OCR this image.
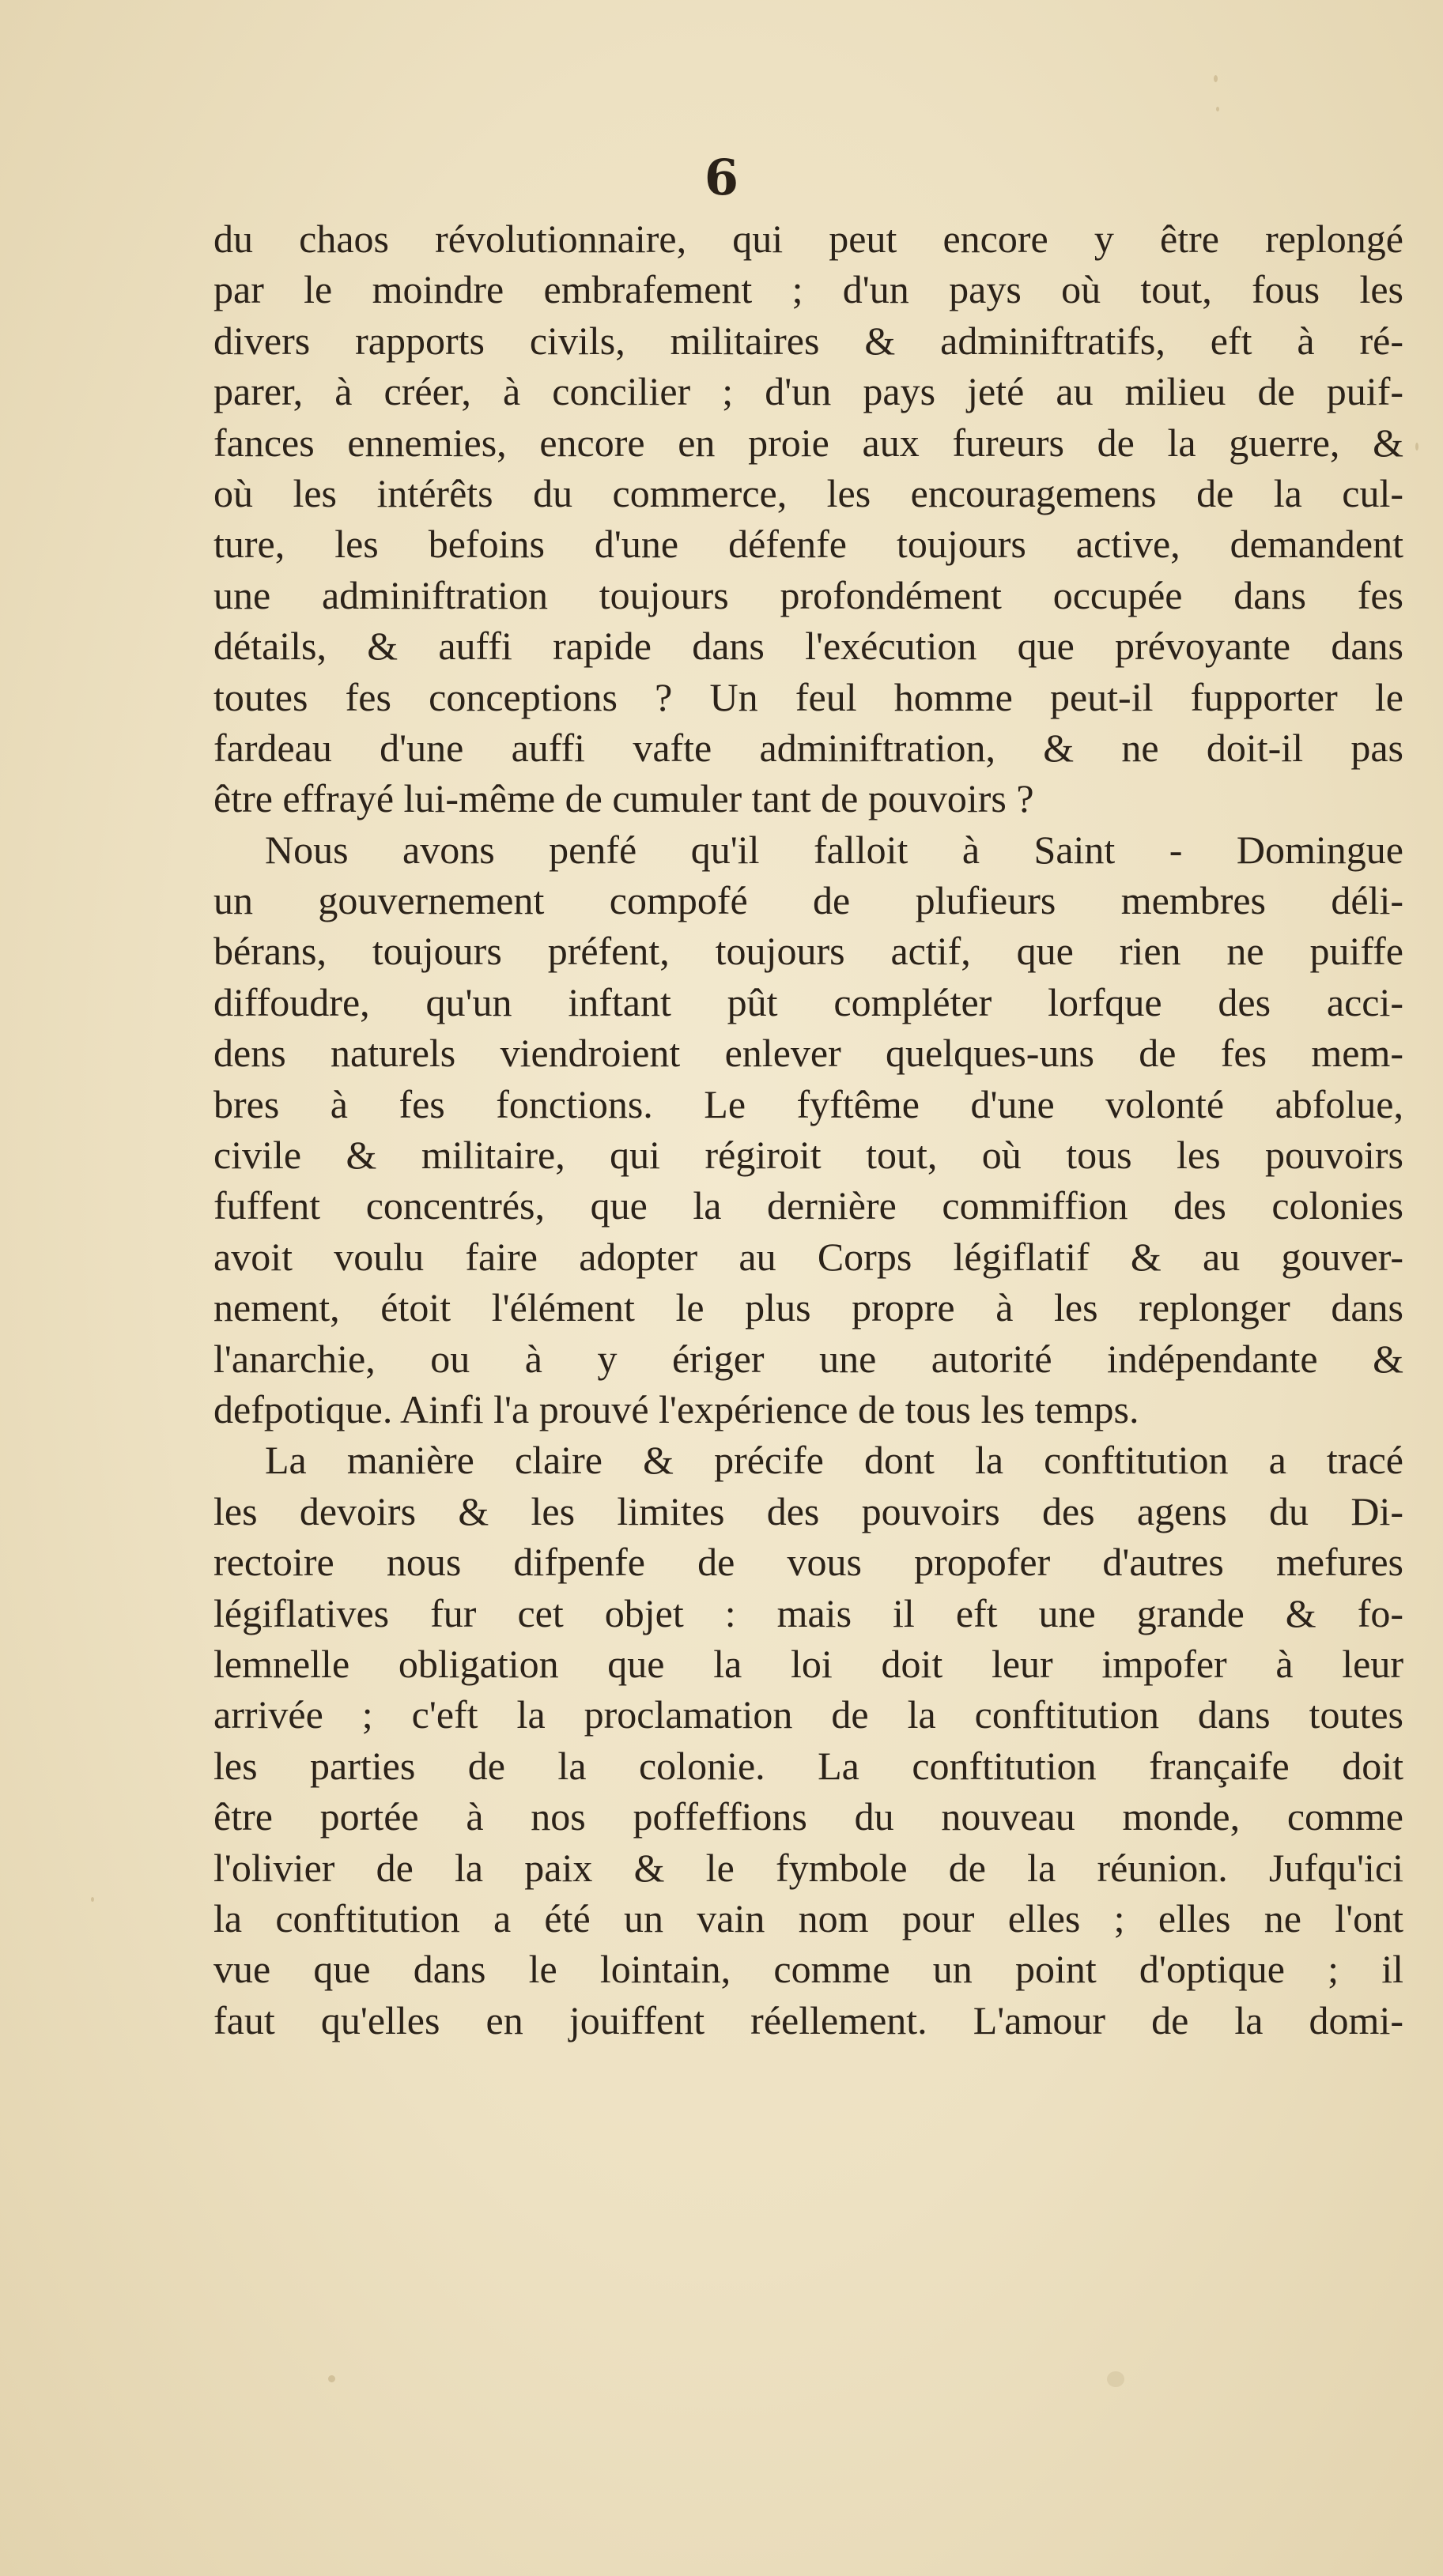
6
du chaos révolutionnaire, qui peut encore y être replongé
par le moindre embrafement ; d'un pays où tout, fous les
divers rapports civils, militaires & adminiftratifs, eft à ré-
parer, à créer, à concilier ; d'un pays jeté au milieu de puif-
fances ennemies, encore en proie aux fureurs de la guerre, &
où les intérêts du commerce, les encouragemens de la cul-
ture, les befoins d'une défenfe toujours active, demandent
une adminiftration toujours profondément occupée dans fes
détails, & auffi rapide dans l'exécution que prévoyante dans
toutes fes conceptions ? Un feul homme peut-il fupporter le
fardeau d'une auffi vafte adminiftration, & ne doit-il pas
être effrayé lui-même de cumuler tant de pouvoirs ?
Nous avons penfé qu'il falloit à Saint - Domingue
un gouvernement compofé de plufieurs membres déli-
bérans, toujours préfent, toujours actif, que rien ne puiffe
diffoudre, qu'un inftant pût compléter lorfque des acci-
dens naturels viendroient enlever quelques-uns de fes mem-
bres à fes fonctions. Le fyftême d'une volonté abfolue,
civile & militaire, qui régiroit tout, où tous les pouvoirs
fuffent concentrés, que la dernière commiffion des colonies
avoit voulu faire adopter au Corps légiflatif & au gouver-
nement, étoit l'élément le plus propre à les replonger dans
l'anarchie, ou à y ériger une autorité indépendante &
defpotique. Ainfi l'a prouvé l'expérience de tous les temps.
La manière claire & précife dont la conftitution a tracé
les devoirs & les limites des pouvoirs des agens du Di-
rectoire nous difpenfe de vous propofer d'autres mefures
légiflatives fur cet objet : mais il eft une grande & fo-
lemnelle obligation que la loi doit leur impofer à leur
arrivée ; c'eft la proclamation de la conftitution dans toutes
les parties de la colonie. La conftitution françaife doit
être portée à nos poffeffions du nouveau monde, comme
l'olivier de la paix & le fymbole de la réunion. Jufqu'ici
la conftitution a été un vain nom pour elles ; elles ne l'ont
vue que dans le lointain, comme un point d'optique ; il
faut qu'elles en jouiffent réellement. L'amour de la domi-
